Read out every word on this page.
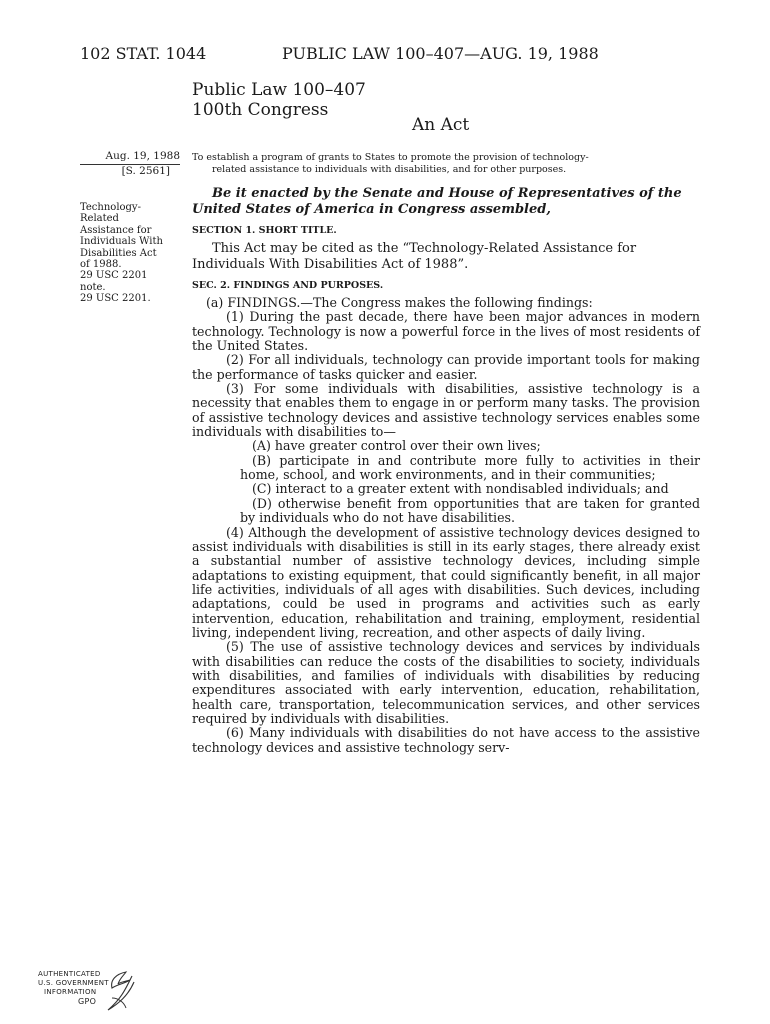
102 STAT. 1044	PUBLIC LAW 100–407—AUG. 19, 1988
Public Law 100–407
100th Congress
An Act
Aug. 19, 1988
[S. 2561]
To establish a program of grants to States to promote the provision of technology-
related assistance to individuals with disabilities, and for other purposes.
Technology-
Related
Assistance for
Individuals With
Disabilities Act
of 1988.
29 USC 2201
note.
29 USC 2201.
Be it enacted by the Senate and House of Representatives of the United States of America in Congress assembled,
SECTION 1. SHORT TITLE.
This Act may be cited as the “Technology-Related Assistance for Individuals With Disabilities Act of 1988”.
SEC. 2. FINDINGS AND PURPOSES.

(a) FINDINGS.—The Congress makes the following findings:

(1) During the past decade, there have been major advances in modern technology. Technology is now a powerful force in the lives of most residents of the United States.

(2) For all individuals, technology can provide important tools for making the performance of tasks quicker and easier.

(3) For some individuals with disabilities, assistive technology is a necessity that enables them to engage in or perform many tasks. The provision of assistive technology devices and assistive technology services enables some individuals with disabilities to—

(A) have greater control over their own lives;

(B) participate in and contribute more fully to activities in their home, school, and work environments, and in their communities;

(C) interact to a greater extent with nondisabled individuals; and

(D) otherwise benefit from opportunities that are taken for granted by individuals who do not have disabilities.

(4) Although the development of assistive technology devices designed to assist individuals with disabilities is still in its early stages, there already exist a substantial number of assistive technology devices, including simple adaptations to existing equipment, that could significantly benefit, in all major life activities, individuals of all ages with disabilities. Such devices, including adaptations, could be used in programs and activities such as early intervention, education, rehabilitation and training, employment, residential living, independent living, recreation, and other aspects of daily living.

(5) The use of assistive technology devices and services by individuals with disabilities can reduce the costs of the disabilities to society, individuals with disabilities, and families of individuals with disabilities by reducing expenditures associated with early intervention, education, rehabilitation, health care, transportation, telecommunication services, and other services required by individuals with disabilities.

(6) Many individuals with disabilities do not have access to the assistive technology devices and assistive technology serv-

AUTHENTICATED
U.S. GOVERNMENT
INFORMATION
GPO
